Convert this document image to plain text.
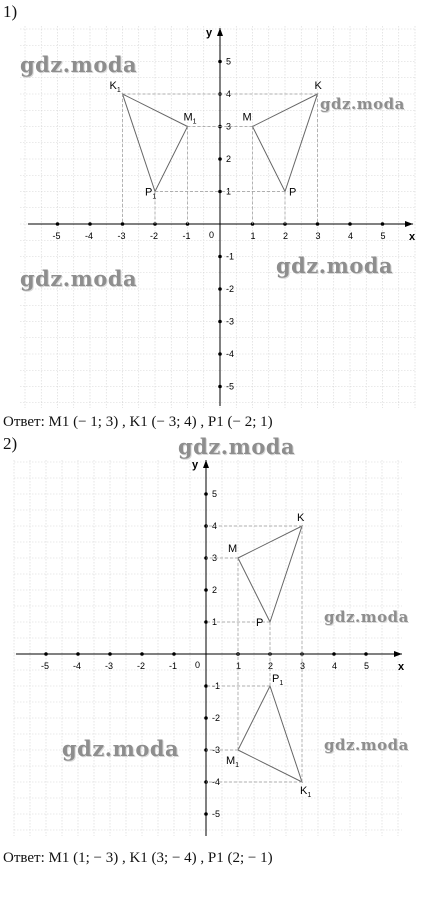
1)
x
y
0
-5	-4	-3	-2	-1	1	2	3	4	5
5
4
3
2
1
-1
-2
-3
-4
-5
M
K
P
$M_1$
$K_1$
$P_1$
Ответ: M1 (− 1; 3) , K1 (− 3; 4) , P1 (− 2; 1)
2)
x
y
0
-5	-4	-3	-2	-1	1	2	3	4	5
5
4
3
2
1
-1
-2
-3
-4
-5
M
K
P
$M_1$
$K_1$
$P_1$
Ответ: M1 (1; − 3) , K1 (3; − 4) , P1 (2; − 1)
gdz.moda
gdz.moda
gdz.moda
gdz.moda
gdz.moda
gdz.moda
gdz.moda	gdz.moda
